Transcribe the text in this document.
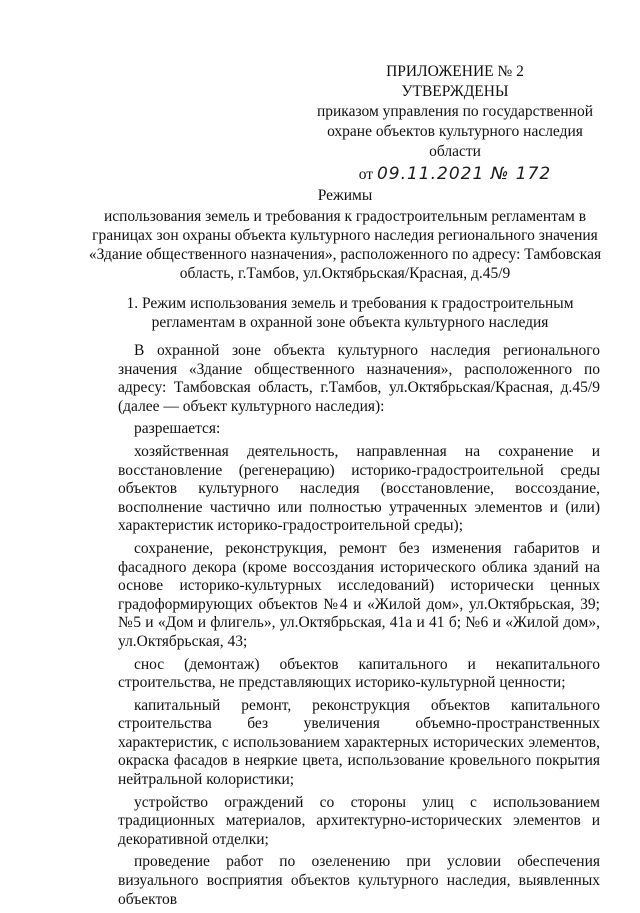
ПРИЛОЖЕНИЕ № 2
УТВЕРЖДЕНЫ
приказом управления по государственной
охране объектов культурного наследия области
от 09.11.2021 № 172
Режимы
использования земель и требования к градостроительным регламентам в границах зон охраны объекта культурного наследия регионального значения «Здание общественного назначения», расположенного по адресу: Тамбовская область, г.Тамбов, ул.Октябрьская/Красная, д.45/9
1. Режим использования земель и требования к градостроительным регламентам в охранной зоне объекта культурного наследия

В охранной зоне объекта культурного наследия регионального значения «Здание общественного назначения», расположенного по адресу: Тамбовская область, г.Тамбов, ул.Октябрьская/Красная, д.45/9 (далее — объект культурного наследия):

разрешается:

хозяйственная деятельность, направленная на сохранение и восстановление (регенерацию) историко-градостроительной среды объектов культурного наследия (восстановление, воссоздание, восполнение частично или полностью утраченных элементов и (или) характеристик историко-градостроительной среды);

сохранение, реконструкция, ремонт без изменения габаритов и фасадного декора (кроме воссоздания исторического облика зданий на основе историко-культурных исследований) исторически ценных градоформирующих объектов №4 и «Жилой дом», ул.Октябрьская, 39; №5 и «Дом и флигель», ул.Октябрьская, 41а и 41 б; №6 и «Жилой дом», ул.Октябрьская, 43;

снос (демонтаж) объектов капитального и некапитального строительства, не представляющих историко-культурной ценности;

капитальный ремонт, реконструкция объектов капитального строительства без увеличения объемно-пространственных характеристик, с использованием характерных исторических элементов, окраска фасадов в неяркие цвета, использование кровельного покрытия нейтральной колористики;

устройство ограждений со стороны улиц с использованием традиционных материалов, архитектурно-исторических элементов и декоративной отделки;

проведение работ по озеленению при условии обеспечения визуального восприятия объектов культурного наследия, выявленных объектов
